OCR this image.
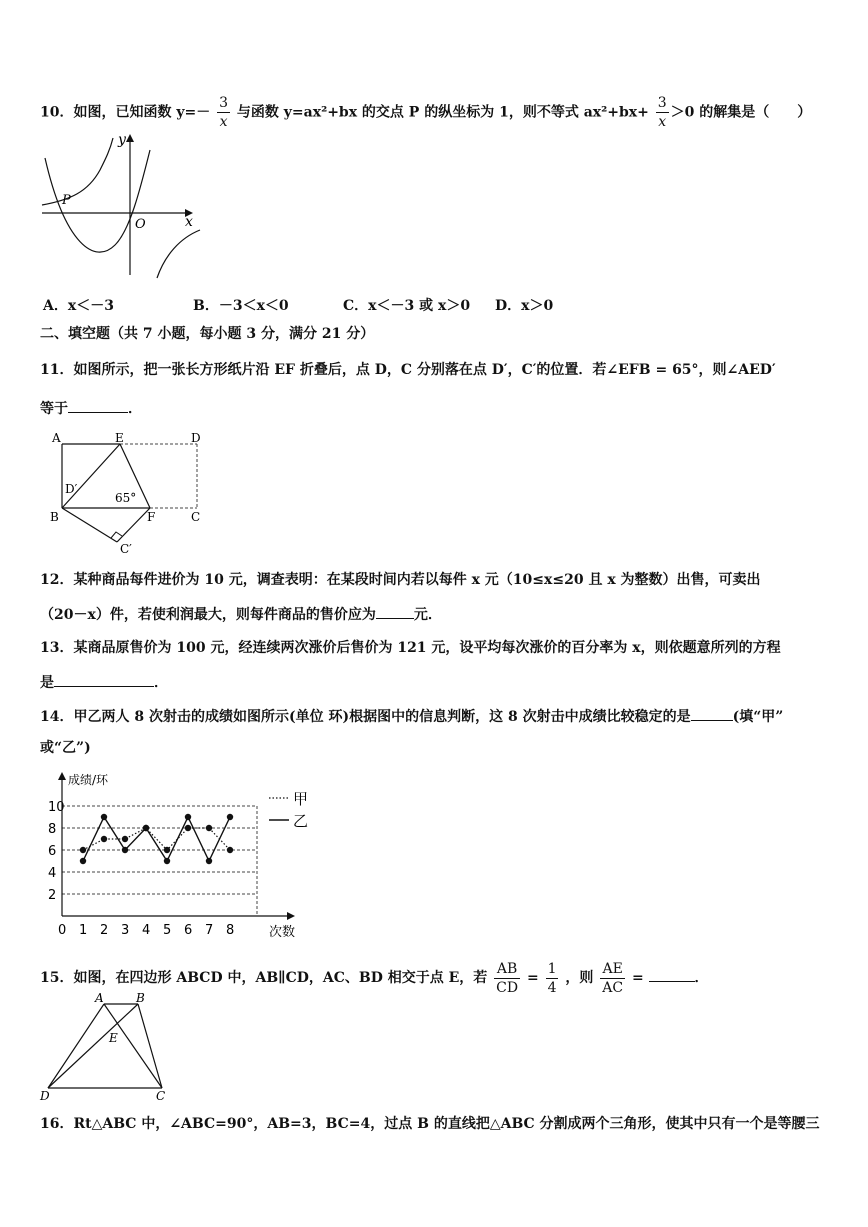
10．如图，已知函数 $y=- \frac{3}{x}$ 与函数 y=ax²+bx 的交点 P 的纵坐标为 1，则不等式 $ax^2+bx+ \frac{3}{x} >0$ 的解集是（　　）
y
x
O
P
A．x＜－3	B．－3＜x＜0	C．x＜－3 或 x＞0 D．x＞0
二、填空题（共 7 小题，每小题 3 分，满分 21 分）
11．如图所示，把一张长方形纸片沿 EF 折叠后，点 D，C 分别落在点 D′，C′的位置．若∠EFB = 65°，则∠AED′
等于	．
A	E	D
D′
65°
B	F	C
C′
12．某种商品每件进价为 10 元，调查表明：在某段时间内若以每件 x 元（10≤x≤20 且 x 为整数）出售，可卖出
（20－x）件，若使利润最大，则每件商品的售价应为	元．
13．某商品原售价为 100 元，经连续两次涨价后售价为 121 元，设平均每次涨价的百分率为 x，则依题意所列的方程
是	．
14．甲乙两人 8 次射击的成绩如图所示(单位 环)根据图中的信息判断，这 8 次射击中成绩比较稳定的是	(填“甲”
或“乙”)
2
4
6
8
10
0 1 2 3 4 5 6 7 8
成绩/环
次数
甲
乙
15．如图，在四边形 ABCD 中，AB∥CD，AC、BD 相交于点 E，若 $\frac{AB}{CD} = \frac{1}{4}$ ，则 $\frac{AE}{AC}$ =	．
A	B
E
D	C
16．Rt△ABC 中，∠ABC=90°，AB=3，BC=4，过点 B 的直线把△ABC 分割成两个三角形，使其中只有一个是等腰三
